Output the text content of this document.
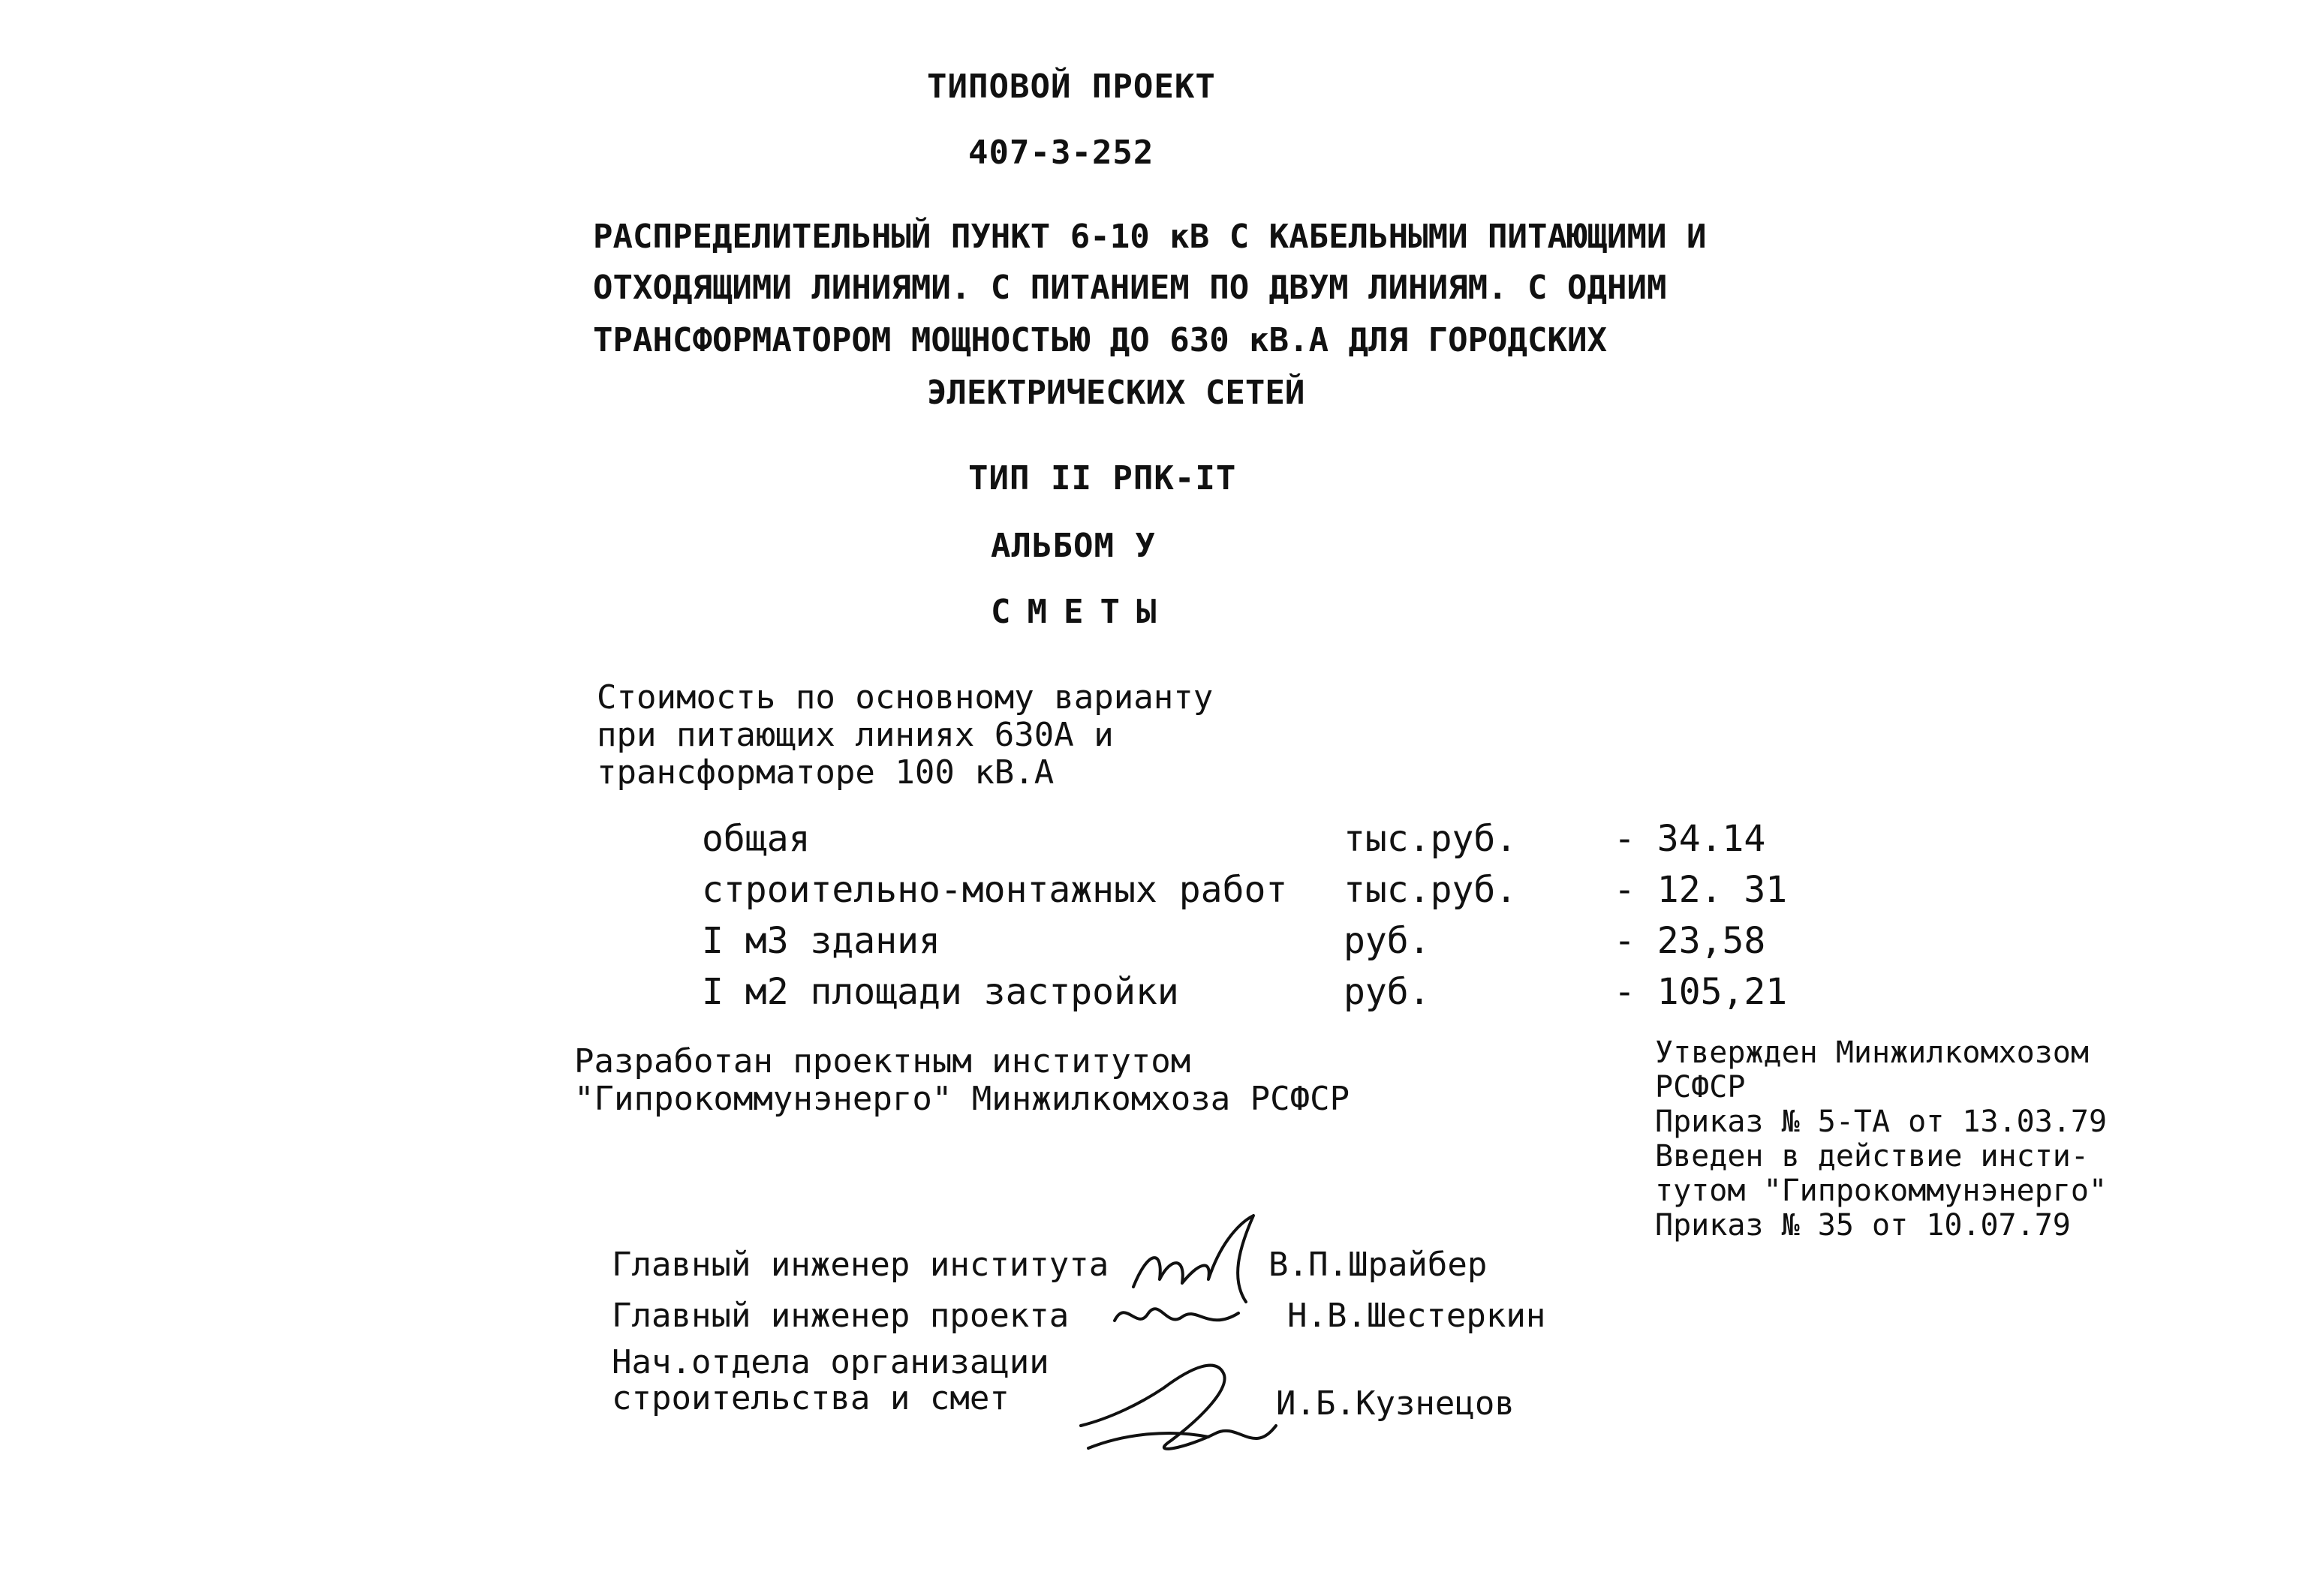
ТИПОВОЙ ПРОЕКТ
407-3-252
РАСПРЕДЕЛИТЕЛЬНЫЙ ПУНКТ 6-10 кВ С КАБЕЛЬНЫМИ ПИТАЮЩИМИ И
ОТХОДЯЩИМИ ЛИНИЯМИ. С ПИТАНИЕМ ПО ДВУМ ЛИНИЯМ. С ОДНИМ
ТРАНСФОРМАТОРОМ МОЩНОСТЬЮ ДО 630 кВ.А ДЛЯ ГОРОДСКИХ
ЭЛЕКТРИЧЕСКИХ СЕТЕЙ
ТИП II РПК-IТ
АЛЬБОМ У
СМЕТЫ
Стоимость по основному варианту
при питающих линиях 630А и
трансформаторе 100 кВ.А
общая	тыс.руб.	- 34.14
строительно-монтажных работ тыс.руб.	- 12. 31
I м3 здания	руб.	- 23,58
I м2 площади застройки	руб.	- 105,21
Разработан проектным институтом
"Гипрокоммунэнерго" Минжилкомхоза РСФСР
Утвержден Минжилкомхозом
РСФСР
Приказ № 5-ТА от 13.03.79
Введен в действие инсти-
тутом "Гипрокоммунэнерго"
Приказ № 35 от 10.07.79
Главный инженер института	В.П.Шрайбер
Главный инженер проекта	Н.В.Шестеркин
Нач.отдела организации
строительства и смет	И.Б.Кузнецов
